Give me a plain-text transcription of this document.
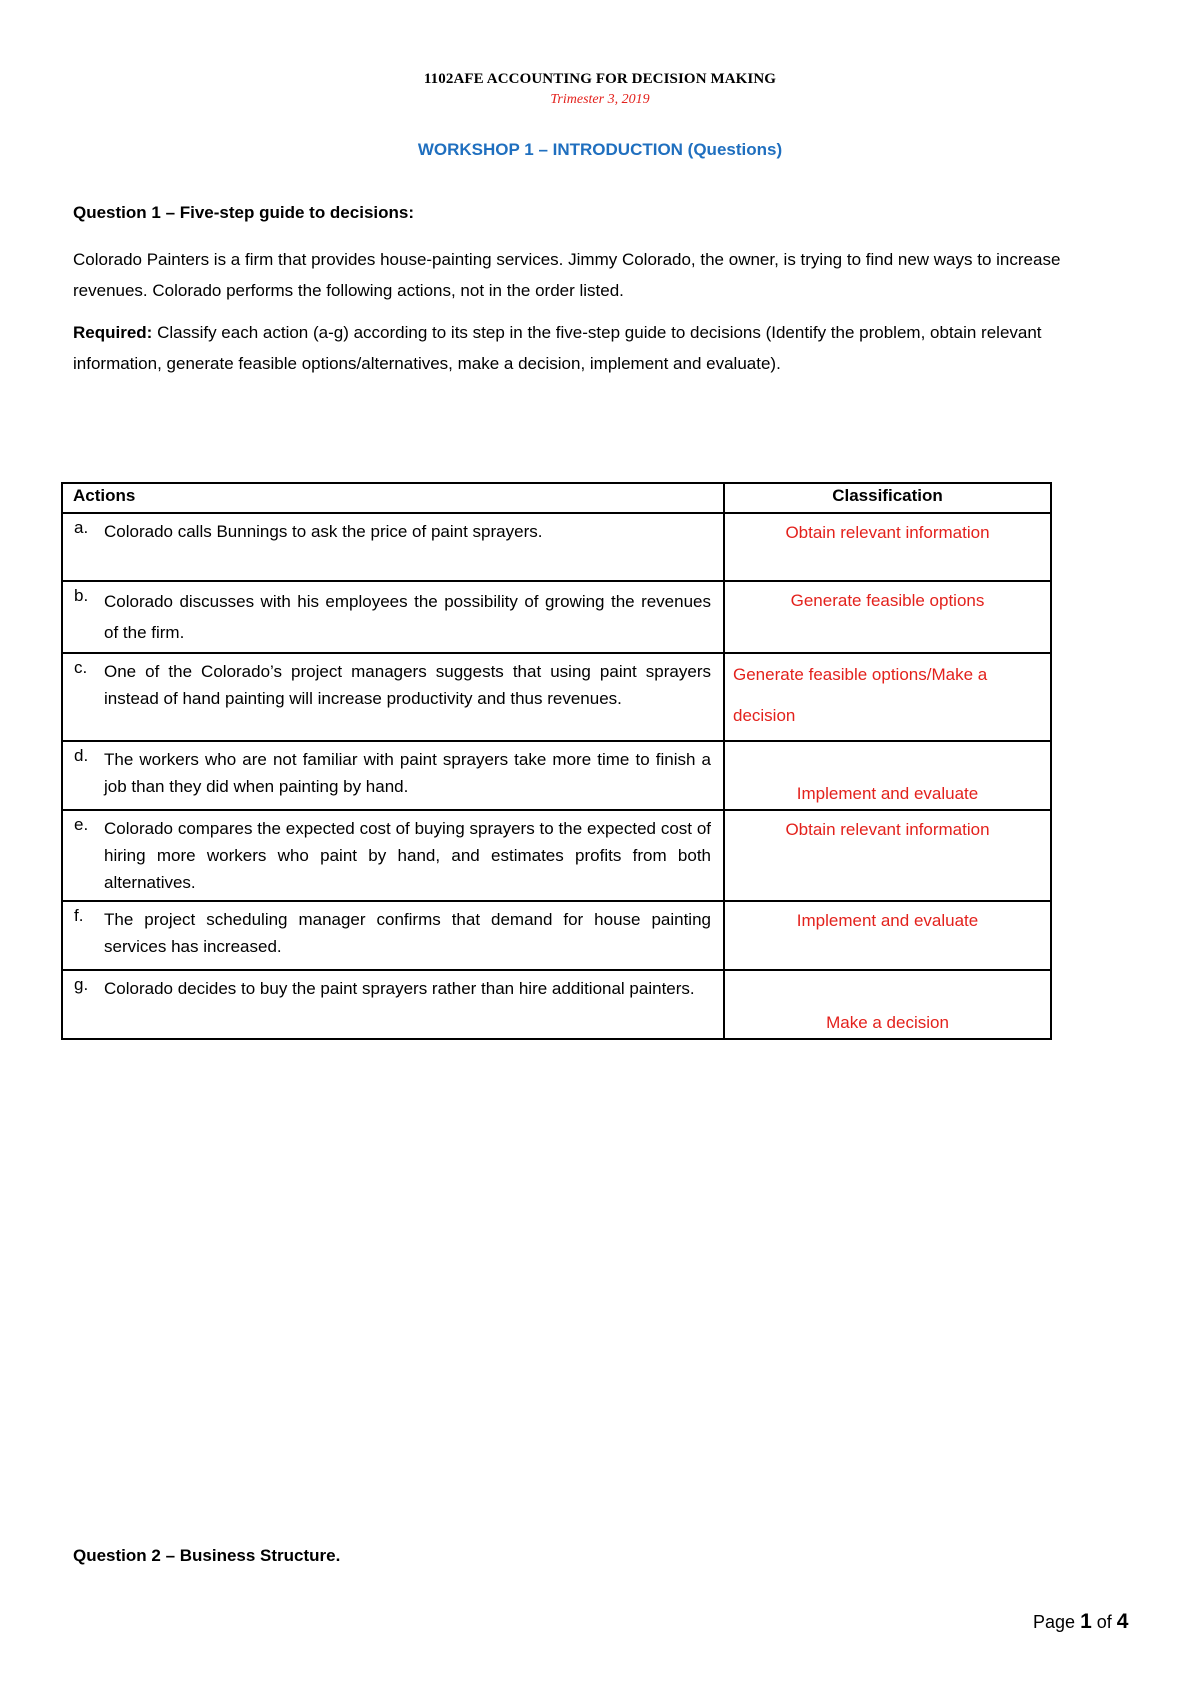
1102AFE ACCOUNTING FOR DECISION MAKING
Trimester 3, 2019
WORKSHOP 1 – INTRODUCTION (Questions)
Question 1 – Five-step guide to decisions:
Colorado Painters is a firm that provides house-painting services. Jimmy Colorado, the owner, is trying to find new ways to increase revenues. Colorado performs the following actions, not in the order listed.
Required: Classify each action (a-g) according to its step in the five-step guide to decisions (Identify the problem, obtain relevant information, generate feasible options/alternatives, make a decision, implement and evaluate).
Actions	Classification

a. Colorado calls Bunnings to ask the price of paint sprayers.	Obtain relevant information

b. Colorado discusses with his employees the possibility of growing the revenues of the firm.	Generate feasible options

c. One of the Colorado’s project managers suggests that using paint sprayers instead of hand painting will increase productivity and thus revenues.	Generate feasible options/Make a decision

d. The workers who are not familiar with paint sprayers take more time to finish a job than they did when painting by hand.	Implement and evaluate

e. Colorado compares the expected cost of buying sprayers to the expected cost of hiring more workers who paint by hand, and estimates profits from both alternatives.	Obtain relevant information

f. The project scheduling manager confirms that demand for house painting services has increased.	Implement and evaluate

g. Colorado decides to buy the paint sprayers rather than hire additional painters.	Make a decision
Question 2 – Business Structure.
Page 1 of 4
